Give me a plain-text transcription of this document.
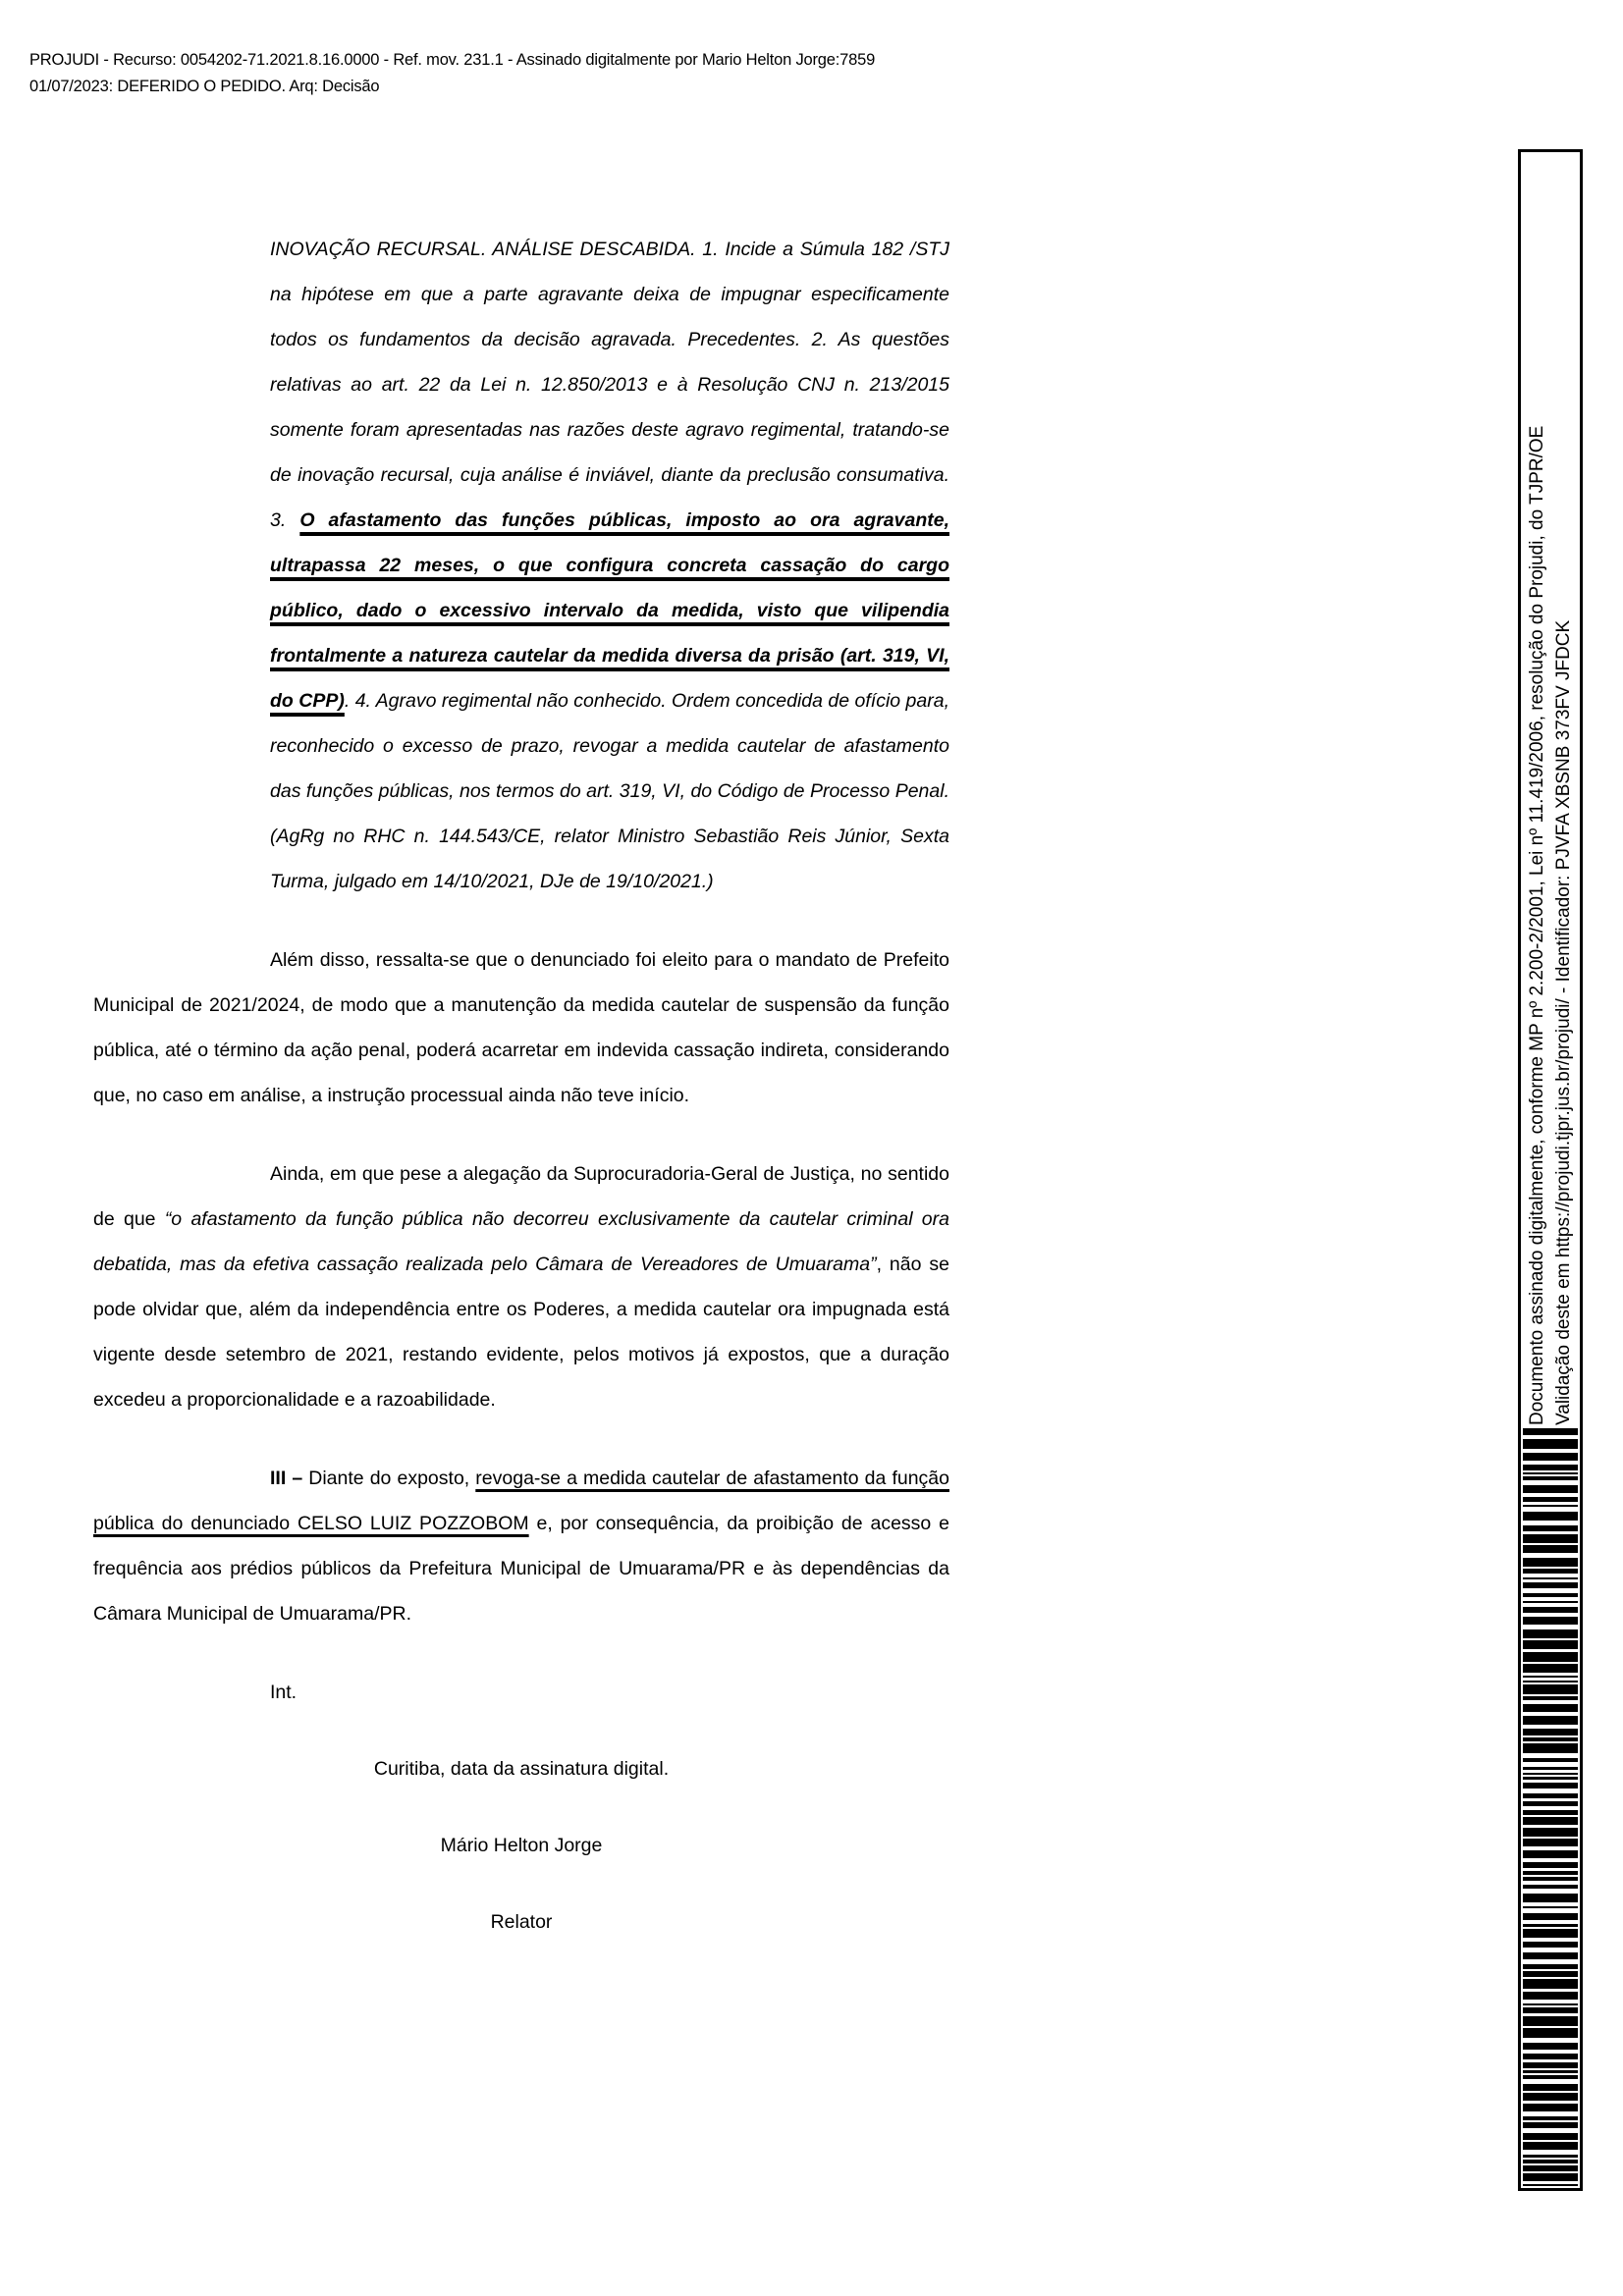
PROJUDI - Recurso: 0054202-71.2021.8.16.0000 - Ref. mov. 231.1 - Assinado digitalmente por Mario Helton Jorge:7859
01/07/2023: DEFERIDO O PEDIDO. Arq: Decisão
INOVAÇÃO RECURSAL. ANÁLISE DESCABIDA. 1. Incide a Súmula 182 /STJ na hipótese em que a parte agravante deixa de impugnar especificamente todos os fundamentos da decisão agravada. Precedentes. 2. As questões relativas ao art. 22 da Lei n. 12.850/2013 e à Resolução CNJ n. 213/2015 somente foram apresentadas nas razões deste agravo regimental, tratando-se de inovação recursal, cuja análise é inviável, diante da preclusão consumativa. 3. O afastamento das funções públicas, imposto ao ora agravante, ultrapassa 22 meses, o que configura concreta cassação do cargo público, dado o excessivo intervalo da medida, visto que vilipendia frontalmente a natureza cautelar da medida diversa da prisão (art. 319, VI, do CPP). 4. Agravo regimental não conhecido. Ordem concedida de ofício para, reconhecido o excesso de prazo, revogar a medida cautelar de afastamento das funções públicas, nos termos do art. 319, VI, do Código de Processo Penal. (AgRg no RHC n. 144.543/CE, relator Ministro Sebastião Reis Júnior, Sexta Turma, julgado em 14/10/2021, DJe de 19/10/2021.)

Além disso, ressalta-se que o denunciado foi eleito para o mandato de Prefeito Municipal de 2021/2024, de modo que a manutenção da medida cautelar de suspensão da função pública, até o término da ação penal, poderá acarretar em indevida cassação indireta, considerando que, no caso em análise, a instrução processual ainda não teve início.

Ainda, em que pese a alegação da Suprocuradoria-Geral de Justiça, no sentido de que “o afastamento da função pública não decorreu exclusivamente da cautelar criminal ora debatida, mas da efetiva cassação realizada pelo Câmara de Vereadores de Umuarama”, não se pode olvidar que, além da independência entre os Poderes, a medida cautelar ora impugnada está vigente desde setembro de 2021, restando evidente, pelos motivos já expostos, que a duração excedeu a proporcionalidade e a razoabilidade.

III – Diante do exposto, revoga-se a medida cautelar de afastamento da função pública do denunciado CELSO LUIZ POZZOBOM e, por consequência, da proibição de acesso e frequência aos prédios públicos da Prefeitura Municipal de Umuarama/PR e às dependências da Câmara Municipal de Umuarama/PR.

Int.

Curitiba, data da assinatura digital.

Mário Helton Jorge

Relator

Documento assinado digitalmente, conforme MP nº 2.200-2/2001, Lei nº 11.419/2006, resolução do Projudi, do TJPR/OE Validação deste em https://projudi.tjpr.jus.br/projudi/ - Identificador: PJVFA XBSNB 373FV JFDCK
